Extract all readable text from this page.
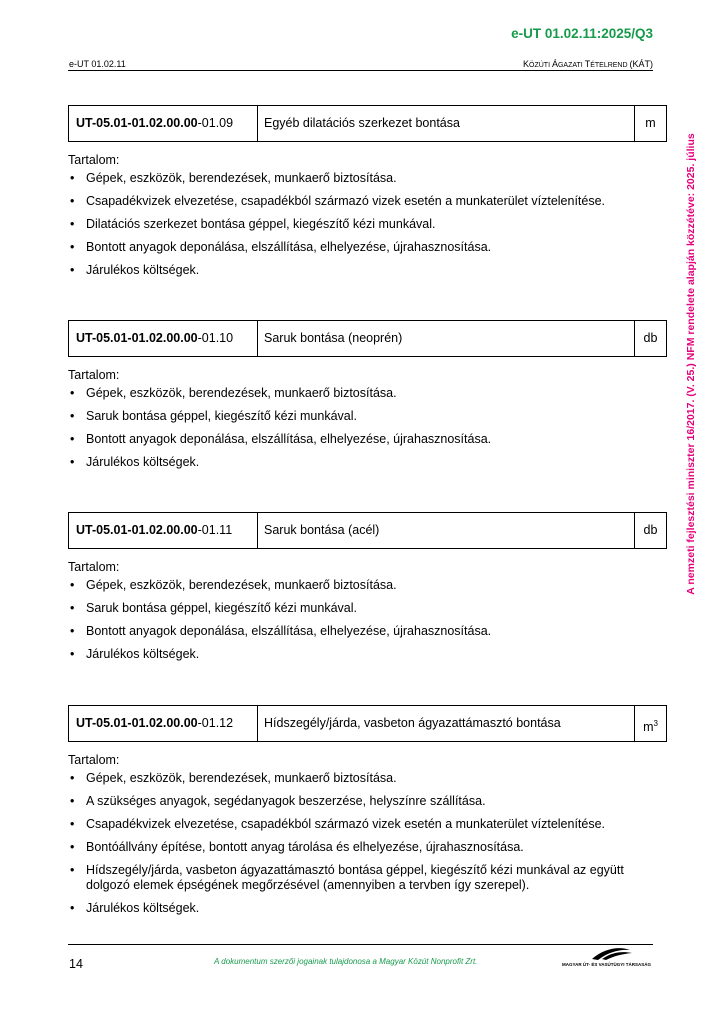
e-UT 01.02.11:2025/Q3
e-UT 01.02.11	KÖZÚTI ÁGAZATI TÉTELREND (KÁT)
A nemzeti fejlesztési miniszter 16/2017. (V. 25.) NFM rendelete alapján közzétéve: 2025. július
UT-05.01-01.02.00.00-01.09	Egyéb dilatációs szerkezet bontása	m
Tartalom:
• Gépek, eszközök, berendezések, munkaerő biztosítása.
• Csapadékvizek elvezetése, csapadékból származó vizek esetén a munkaterület víztelenítése.
• Dilatációs szerkezet bontása géppel, kiegészítő kézi munkával.
• Bontott anyagok deponálása, elszállítása, elhelyezése, újrahasznosítása.
• Járulékos költségek.
UT-05.01-01.02.00.00-01.10	Saruk bontása (neoprén)	db
Tartalom:
• Gépek, eszközök, berendezések, munkaerő biztosítása.
• Saruk bontása géppel, kiegészítő kézi munkával.
• Bontott anyagok deponálása, elszállítása, elhelyezése, újrahasznosítása.
• Járulékos költségek.
UT-05.01-01.02.00.00-01.11	Saruk bontása (acél)	db
Tartalom:
• Gépek, eszközök, berendezések, munkaerő biztosítása.
• Saruk bontása géppel, kiegészítő kézi munkával.
• Bontott anyagok deponálása, elszállítása, elhelyezése, újrahasznosítása.
• Járulékos költségek.
UT-05.01-01.02.00.00-01.12	Hídszegély/járda, vasbeton ágyazattámasztó bontása	$m^3$
Tartalom:
• Gépek, eszközök, berendezések, munkaerő biztosítása.
• A szükséges anyagok, segédanyagok beszerzése, helyszínre szállítása.
• Csapadékvizek elvezetése, csapadékból származó vizek esetén a munkaterület víztelenítése.
• Bontóállvány építése, bontott anyag tárolása és elhelyezése, újrahasznosítása.
• Hídszegély/járda, vasbeton ágyazattámasztó bontása géppel, kiegészítő kézi munkával az együtt dolgozó elemek épségének megőrzésével (amennyiben a tervben így szerepel).
• Járulékos költségek.
14	A dokumentum szerzői jogainak tulajdonosa a Magyar Közút Nonprofit Zrt.	MAGYAR ÚT- ÉS VASÚTÜGYI TÁRSASÁG
